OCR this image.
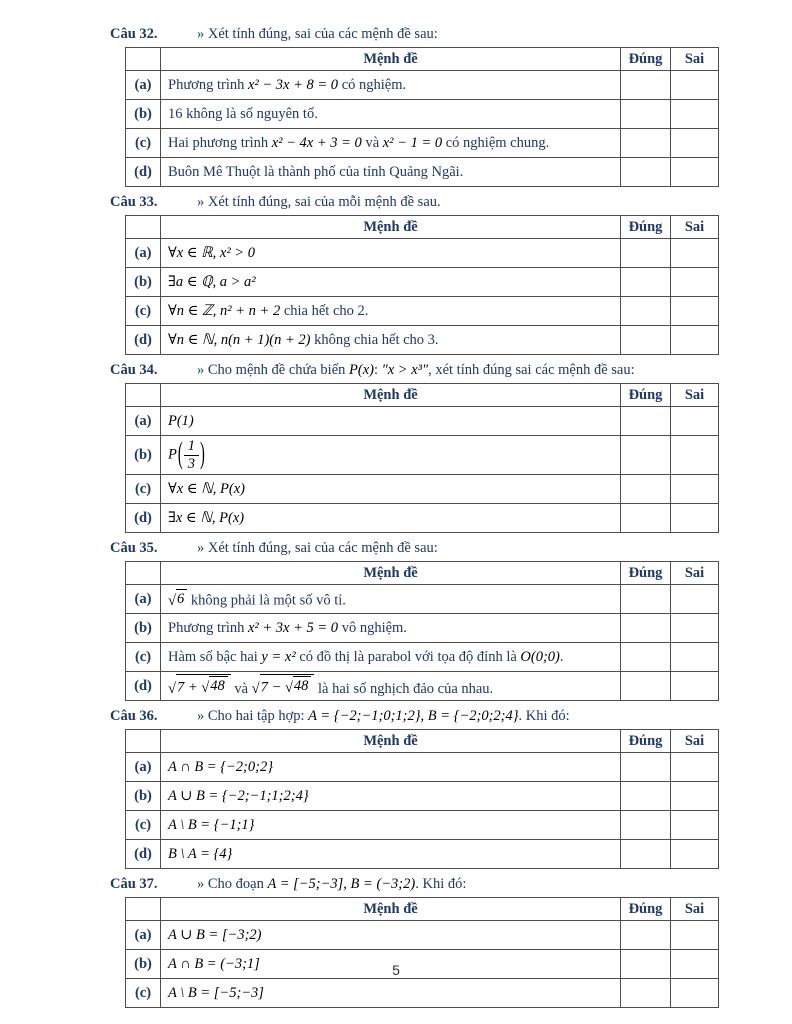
Câu 32.	» Xét tính đúng, sai của các mệnh đề sau:
	Mệnh đề	Đúng	Sai
(a)	Phương trình x² − 3x + 8 = 0 có nghiệm.		
(b)	16 không là số nguyên tố.		
(c)	Hai phương trình x² − 4x + 3 = 0 và x² − 1 = 0 có nghiệm chung.		
(d)	Buôn Mê Thuột là thành phố của tỉnh Quảng Ngãi.		
Câu 33.	» Xét tính đúng, sai của mỗi mệnh đề sau.
	Mệnh đề	Đúng	Sai
(a)	∀x ∈ ℝ, x² > 0		
(b)	∃a ∈ ℚ, a > a²		
(c)	∀n ∈ ℤ, n² + n + 2 chia hết cho 2.		
(d)	∀n ∈ ℕ, n(n + 1)(n + 2) không chia hết cho 3.		
Câu 34.	» Cho mệnh đề chứa biến P(x): "x > x³", xét tính đúng sai các mệnh đề sau:
	Mệnh đề	Đúng	Sai
(a)	P(1)		
(b)	P ( $\frac{1}{3}$ )		

(c)	∀x ∈ ℕ, P(x)		
(d)	∃x ∈ ℕ, P(x)		
Câu 35.	» Xét tính đúng, sai của các mệnh đề sau:
	Mệnh đề	Đúng	Sai
(a)	√ 6 không phải là một số vô tỉ.		
(b)	Phương trình x² + 3x + 5 = 0 vô nghiệm.		
(c)	Hàm số bậc hai y = x² có đồ thị là parabol với tọa độ đỉnh là O(0;0).		
(d)	√ 7 + √ 48 và √ 7 − √ 48 là hai số nghịch đảo của nhau.		
Câu 36.	» Cho hai tập hợp: A = {−2;−1;0;1;2}, B = {−2;0;2;4}. Khi đó:
	Mệnh đề	Đúng	Sai
(a)	A ∩ B = {−2;0;2}		
(b)	A ∪ B = {−2;−1;1;2;4}		
(c)	A \ B = {−1;1}		
(d)	B \ A = {4}		
Câu 37.	» Cho đoạn A = [−5;−3], B = (−3;2). Khi đó:
	Mệnh đề	Đúng	Sai
(a)	A ∪ B = [−3;2)		
(b)	A ∩ B = (−3;1]		
(c)	A \ B = [−5;−3]		
5
